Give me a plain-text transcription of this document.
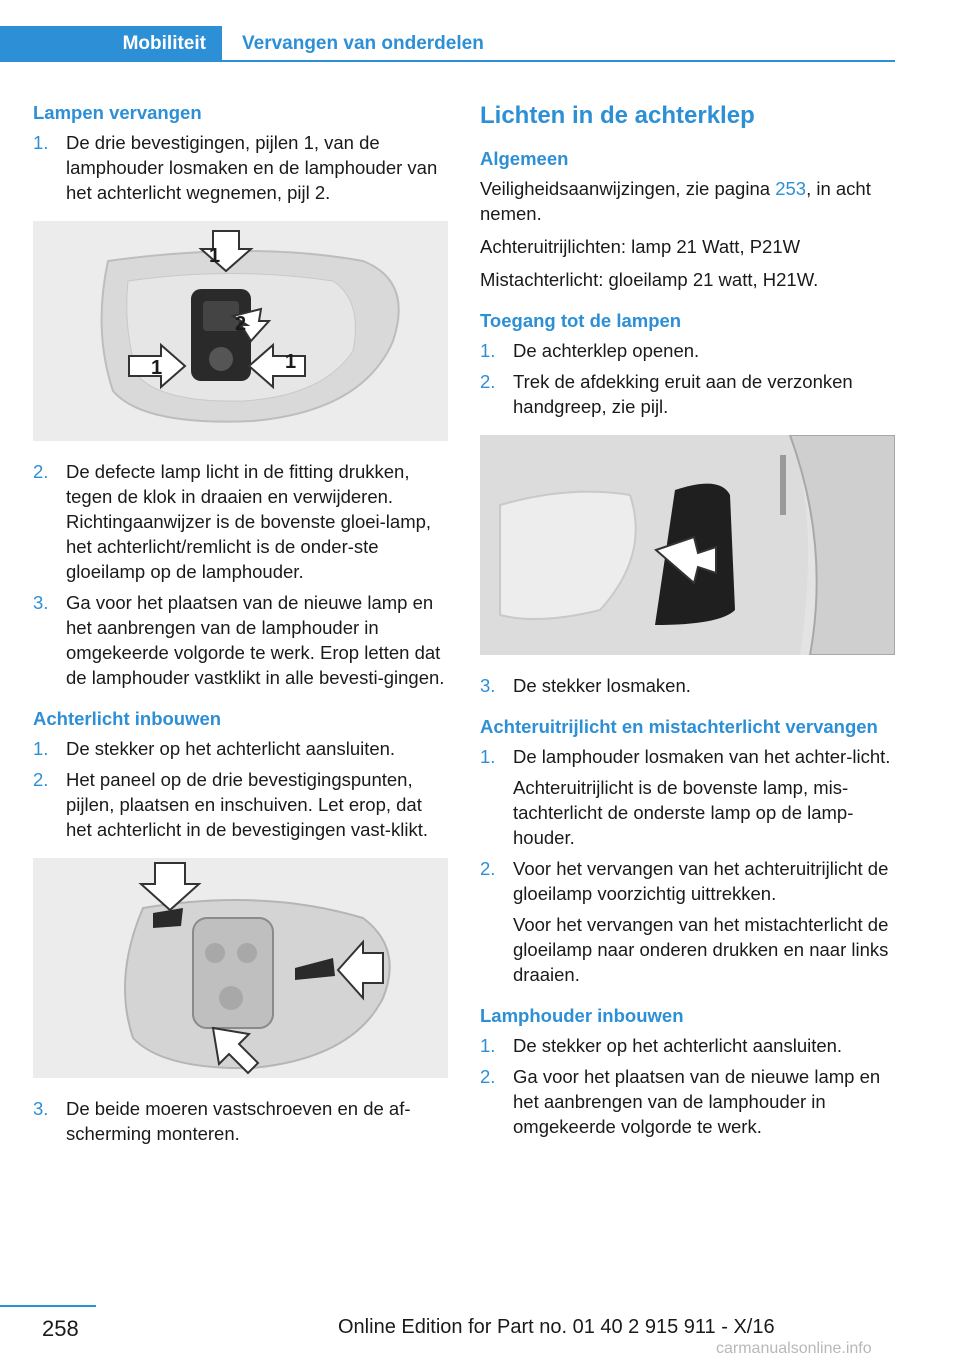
Mobiliteit	Vervangen van onderdelen
Lampen vervangen
1. De drie bevestigingen, pijlen 1, van de lamphouder losmaken en de lamphouder van het achterlicht wegnemen, pijl 2.
1
2
1	1
2. De defecte lamp licht in de fitting drukken, tegen de klok in draaien en verwijderen. Richtingaanwijzer is de bovenste gloei-lamp, het achterlicht/remlicht is de onder-ste gloeilamp op de lamphouder.
3. Ga voor het plaatsen van de nieuwe lamp en het aanbrengen van de lamphouder in omgekeerde volgorde te werk. Erop letten dat de lamphouder vastklikt in alle bevesti-gingen.
Achterlicht inbouwen
1. De stekker op het achterlicht aansluiten.
2. Het paneel op de drie bevestigingspunten, pijlen, plaatsen en inschuiven. Let erop, dat het achterlicht in de bevestigingen vast-klikt.
3. De beide moeren vastschroeven en de af-scherming monteren.
Lichten in de achterklep
Algemeen

Veiligheidsaanwijzingen, zie pagina 253, in acht nemen.

Achteruitrijlichten: lamp 21 Watt, P21W

Mistachterlicht: gloeilamp 21 watt, H21W.

Toegang tot de lampen
1. De achterklep openen.
2. Trek de afdekking eruit aan de verzonken handgreep, zie pijl.
3. De stekker losmaken.
Achteruitrijlicht en mistachterlicht vervangen
1. De lamphouder losmaken van het achter-licht.
Achteruitrijlicht is de bovenste lamp, mis-tachterlicht de onderste lamp op de lamp-houder.
2. Voor het vervangen van het achteruitrijlicht de gloeilamp voorzichtig uittrekken.
Voor het vervangen van het mistachterlicht de gloeilamp naar onderen drukken en naar links draaien.
Lamphouder inbouwen
1. De stekker op het achterlicht aansluiten.
2. Ga voor het plaatsen van de nieuwe lamp en het aanbrengen van de lamphouder in omgekeerde volgorde te werk.
258	Online Edition for Part no. 01 40 2 915 911 - X/16
carmanualsonline.info
